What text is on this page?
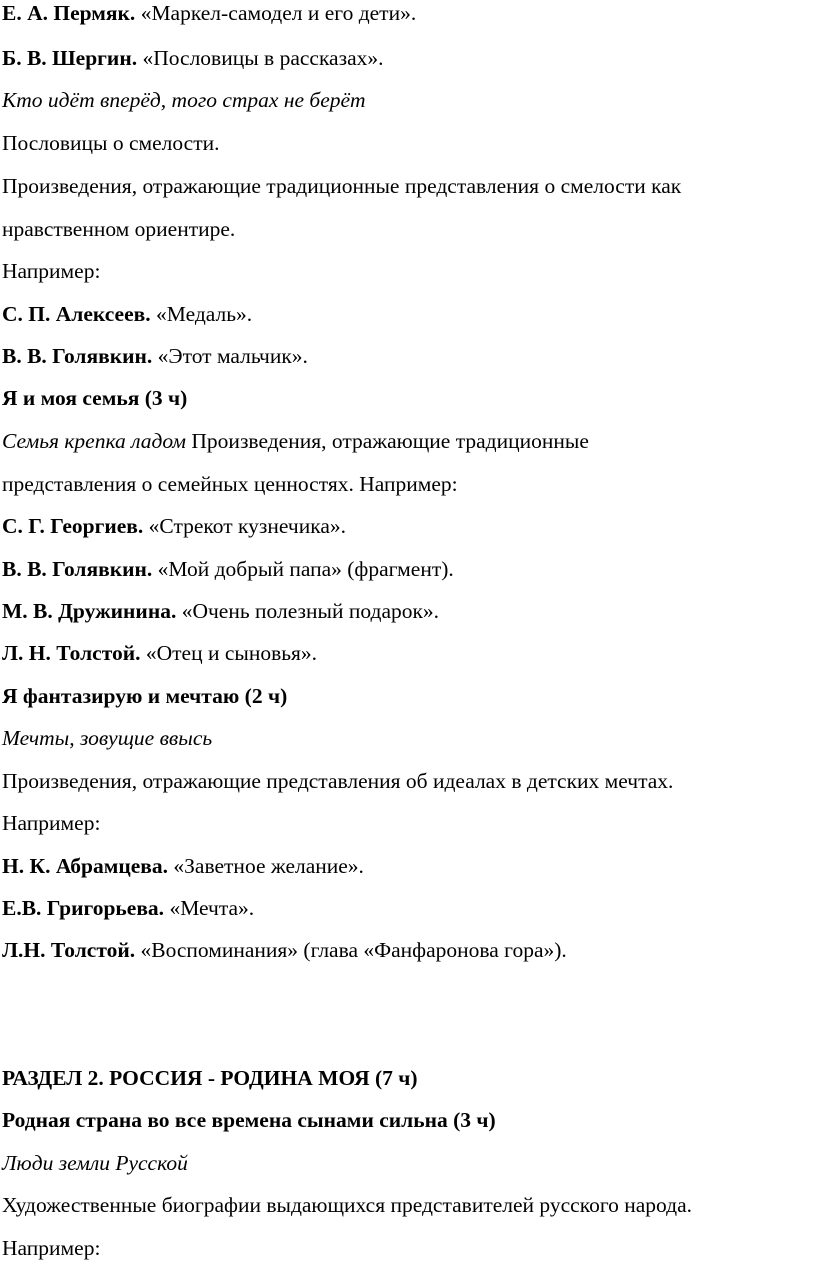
Е. А. Пермяк. «Маркел-самодел и его дети».
Б. В. Шергин. «Пословицы в рассказах».
Кто идёт вперёд, того страх не берёт
Пословицы о смелости.
Произведения, отражающие традиционные представления о смелости как
нравственном ориентире.
Например:
С. П. Алексеев. «Медаль».
В. В. Голявкин. «Этот мальчик».
Я и моя семья (3 ч)
Семья крепка ладом Произведения, отражающие традиционные
представления о семейных ценностях. Например:
С. Г. Георгиев. «Стрекот кузнечика».
В. В. Голявкин. «Мой добрый папа» (фрагмент).
М. В. Дружинина. «Очень полезный подарок».
Л. Н. Толстой. «Отец и сыновья».
Я фантазирую и мечтаю (2 ч)
Мечты, зовущие ввысь
Произведения, отражающие представления об идеалах в детских мечтах.
Например:
Н. К. Абрамцева. «Заветное желание».
Е.В. Григорьева. «Мечта».
Л.Н. Толстой. «Воспоминания» (глава «Фанфаронова гора»).
РАЗДЕЛ 2. РОССИЯ - РОДИНА МОЯ (7 ч)
Родная страна во все времена сынами сильна (3 ч)
Люди земли Русской
Художественные биографии выдающихся представителей русского народа.
Например:
